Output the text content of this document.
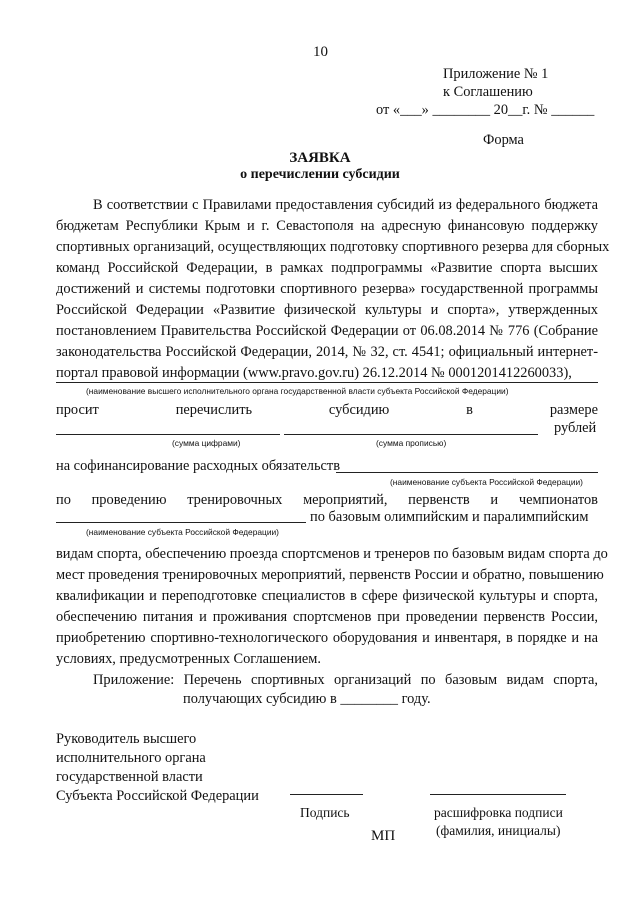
10
Приложение № 1
к Соглашению
от «___» ________ 20__г. № ______
Форма
ЗАЯВКА
о перечислении субсидии
В соответствии с Правилами предоставления субсидий из федерального бюджета
бюджетам Республики Крым и г. Севастополя на адресную финансовую поддержку
спортивных организаций, осуществляющих подготовку спортивного резерва для сборных
команд Российской Федерации, в рамках подпрограммы «Развитие спорта высших
достижений и системы подготовки спортивного резерва» государственной программы
Российской Федерации «Развитие физической культуры и спорта», утвержденных
постановлением Правительства Российской Федерации от 06.08.2014 № 776 (Собрание
законодательства Российской Федерации, 2014, № 32, ст. 4541; официальный интернет-
портал правовой информации (www.pravo.gov.ru) 26.12.2014 № 0001201412260033),
(наименование высшего исполнительного органа государственной власти субъекта Российской Федерации)
просит	перечислить	субсидию	в	размере
рублей
(сумма цифрами)	(сумма прописью)
на софинансирование расходных обязательств
(наименование субъекта Российской Федерации)
по проведению тренировочных мероприятий, первенств и чемпионатов
по базовым олимпийским и паралимпийским
(наименование субъекта Российской Федерации)
видам спорта, обеспечению проезда спортсменов и тренеров по базовым видам спорта до
мест проведения тренировочных мероприятий, первенств России и обратно, повышению
квалификации и переподготовке специалистов в сфере физической культуры и спорта,
обеспечению питания и проживания спортсменов при проведении первенств России,
приобретению спортивно-технологического оборудования и инвентаря, в порядке и на
условиях, предусмотренных Соглашением.
Приложение: Перечень спортивных организаций по базовым видам спорта,
получающих субсидию в ________ году.
Руководитель высшего
исполнительного органа
государственной власти
Субъекта Российской Федерации
Подпись	расшифровка подписи
(фамилия, инициалы)
МП
